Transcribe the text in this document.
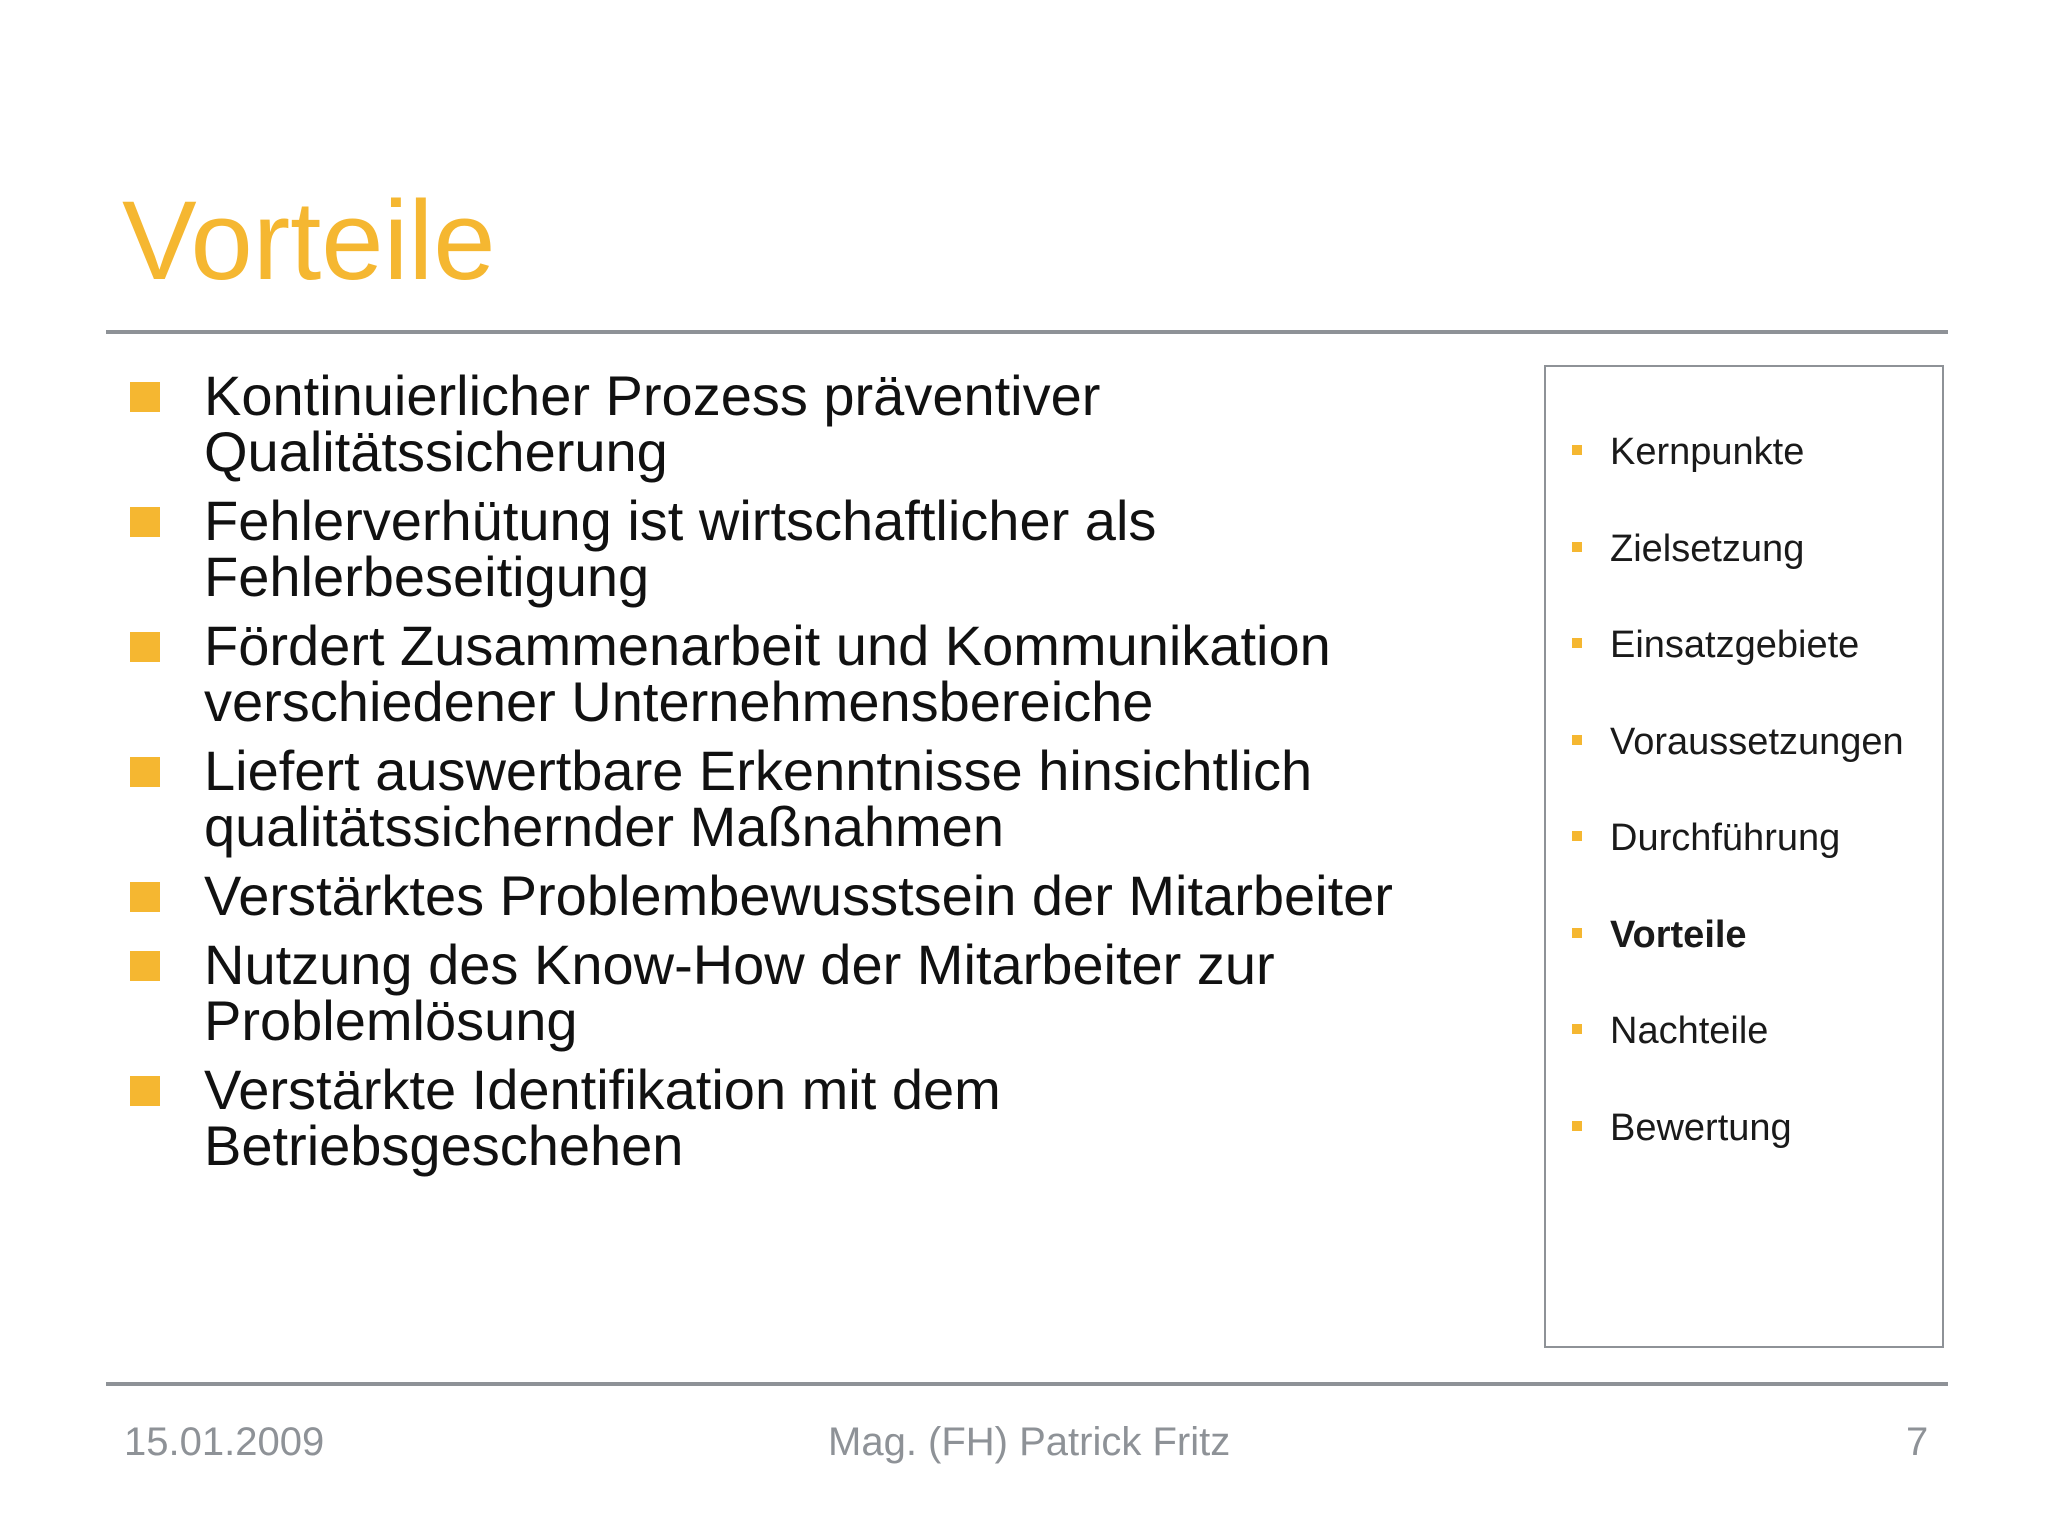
Vorteile
Kontinuierlicher Prozess präventiver
Qualitätssicherung
Fehlerverhütung ist wirtschaftlicher als
Fehlerbeseitigung
Fördert Zusammenarbeit und Kommunikation
verschiedener Unternehmensbereiche
Liefert auswertbare Erkenntnisse hinsichtlich
qualitätssichernder Maßnahmen
Verstärktes Problembewusstsein der Mitarbeiter
Nutzung des Know-How der Mitarbeiter zur
Problemlösung
Verstärkte Identifikation mit dem
Betriebsgeschehen
Kernpunkte
Zielsetzung
Einsatzgebiete
Voraussetzungen
Durchführung
Vorteile
Nachteile
Bewertung
15.01.2009	Mag. (FH) Patrick Fritz	7
